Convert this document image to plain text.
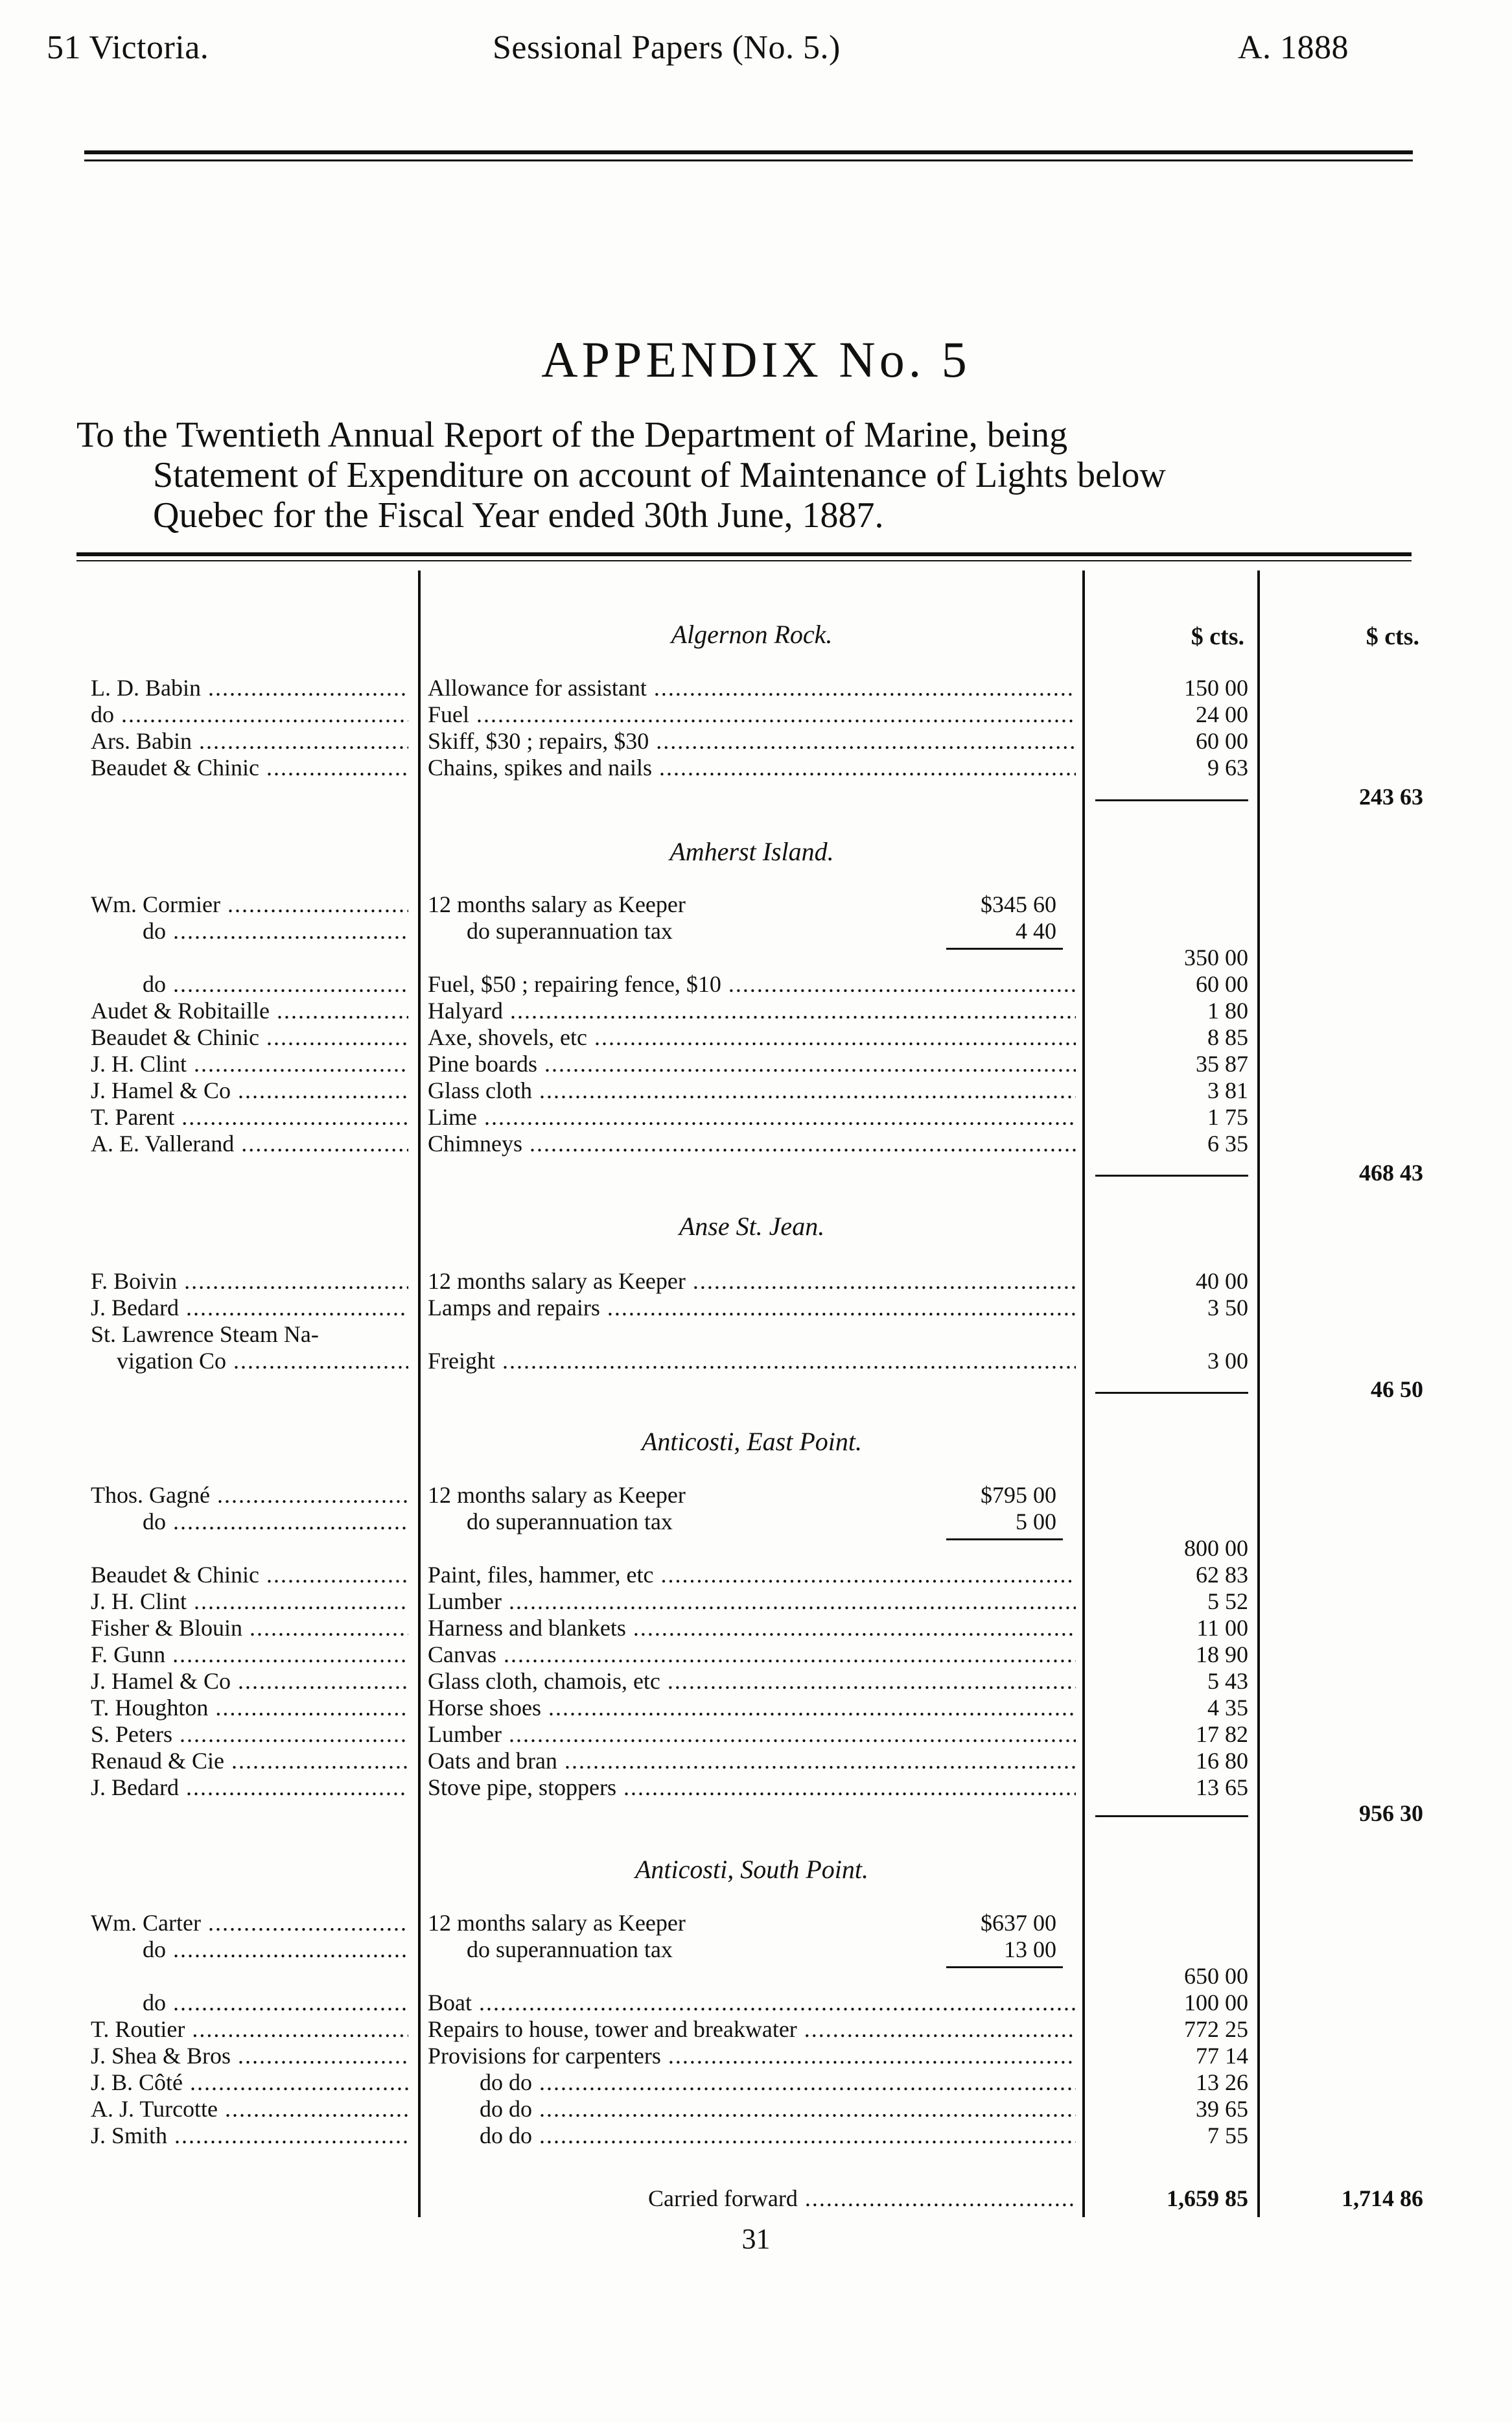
51 Victoria.	Sessional Papers (No. 5.)	A. 1888
APPENDIX No. 5
To the Twentieth Annual Report of the Department of Marine, being
Statement of Expenditure on account of Maintenance of Lights below
Quebec for the Fiscal Year ended 30th June, 1887.
$ cts.	$ cts.
Algernon Rock.
L. D. Babin .....	Allowance for assistant .....	150 00
do .....	Fuel .....	24 00
Ars. Babin .....	Skiff, $30 ; repairs, $30 .....	60 00
Beaudet & Chinic .....	Chains, spikes and nails .....	9 63
243 63
Amherst Island.
Wm. Cormier .....	12 months salary as Keeper	$345 60
do .....	do superannuation tax	4 40
350 00
do .....	Fuel, $50 ; repairing fence, $10 .....	60 00
Audet & Robitaille .....	Halyard .....	1 80
Beaudet & Chinic .....	Axe, shovels, etc .....	8 85
J. H. Clint .....	Pine boards .....	35 87
J. Hamel & Co .....	Glass cloth .....	3 81
T. Parent .....	Lime .....	1 75
A. E. Vallerand .....	Chimneys .....	6 35
468 43
Anse St. Jean.
F. Boivin .....	12 months salary as Keeper .....	40 00
J. Bedard .....	Lamps and repairs .....	3 50
St. Lawrence Steam Na-
vigation Co .....	Freight .....	3 00
46 50
Anticosti, East Point.
Thos. Gagné .....	12 months salary as Keeper	$795 00
do .....	do superannuation tax	5 00
800 00
Beaudet & Chinic .....	Paint, files, hammer, etc .....	62 83
J. H. Clint .....	Lumber .....	5 52
Fisher & Blouin .....	Harness and blankets .....	11 00
F. Gunn .....	Canvas .....	18 90
J. Hamel & Co .....	Glass cloth, chamois, etc .....	5 43
T. Houghton .....	Horse shoes .....	4 35
S. Peters .....	Lumber .....	17 82
Renaud & Cie .....	Oats and bran .....	16 80
J. Bedard .....	Stove pipe, stoppers .....	13 65
956 30
Anticosti, South Point.
Wm. Carter .....	12 months salary as Keeper	$637 00
do .....	do superannuation tax	13 00
650 00
do .....	Boat .....	100 00
T. Routier .....	Repairs to house, tower and breakwater .....	772 25
J. Shea & Bros .....	Provisions for carpenters .....	77 14
J. B. Côté .....	do do .....	13 26
A. J. Turcotte .....	do do .....	39 65
J. Smith .....	do do .....	7 55
Carried forward .....	1,659 85	1,714 86
31
